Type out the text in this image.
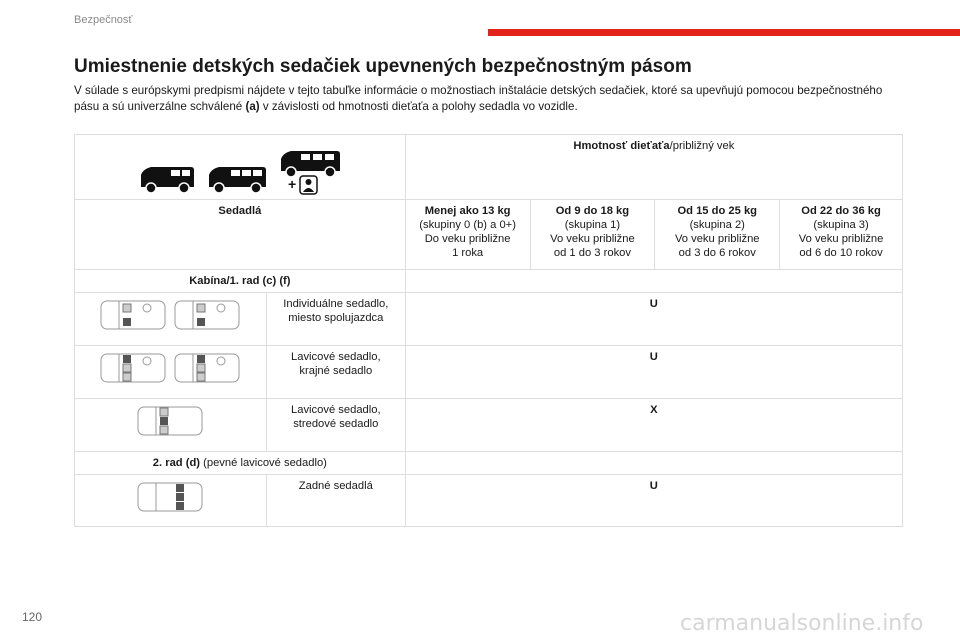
Bezpečnosť
Umiestnenie detských sedačiek upevnených bezpečnostným pásom
V súlade s európskymi predpismi nájdete v tejto tabuľke informácie o možnostiach inštalácie detských sedačiek, ktoré sa upevňujú pomocou bezpečnostného pásu a sú univerzálne schválené (a) v závislosti od hmotnosti dieťaťa a polohy sedadla vo vozidle.
+		Hmotnosť dieťaťa/približný vek			
Sedadlá		Menej ako 13 kg
(skupiny 0 (b) a 0+)
Do veku približne
1 roka	Od 9 do 18 kg
(skupina 1)
Vo veku približne
od 1 do 3 rokov	Od 15 do 25 kg
(skupina 2)
Vo veku približne
od 3 do 6 rokov	Od 22 do 36 kg
(skupina 3)
Vo veku približne
od 6 do 10 rokov
Kabína/1. rad (c) (f)					

	Individuálne sedadlo,
miesto spolujazdca	U			

	Lavicové sedadlo,
krajné sedadlo	U			

	Lavicové sedadlo,
stredové sedadlo	X			

2. rad (d) (pevné lavicové sedadlo)					

	Zadné sedadlá	U			
120	carmanualsonline.info
